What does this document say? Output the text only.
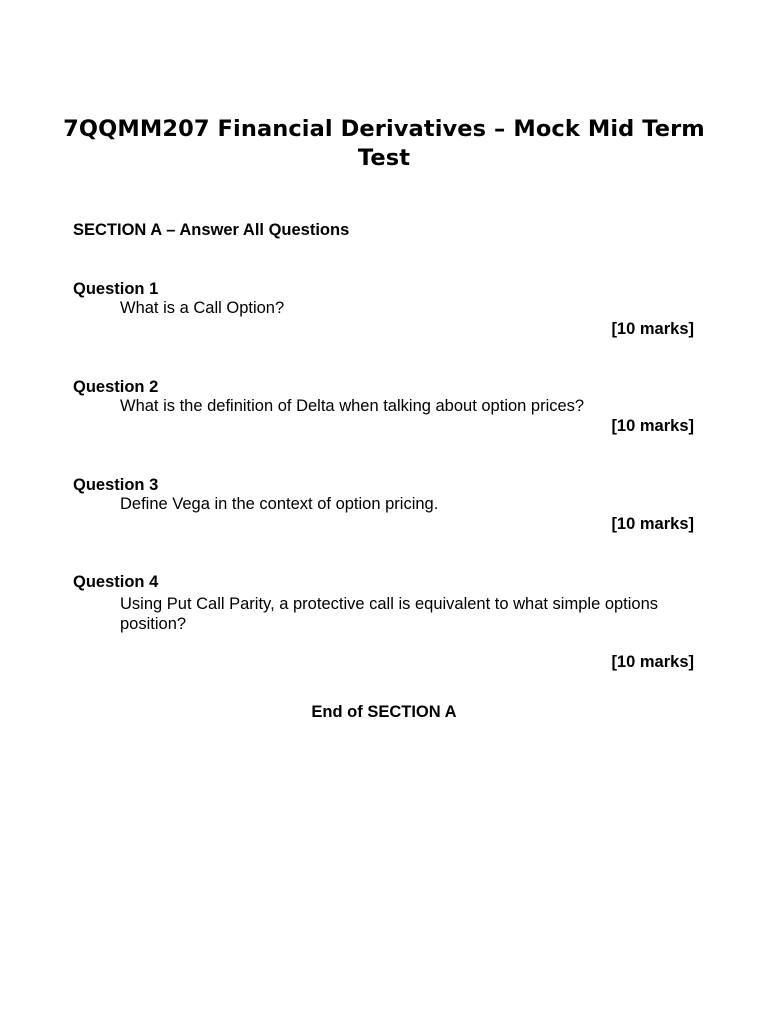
7QQMM207 Financial Derivatives – Mock Mid Term Test
SECTION A – Answer All Questions
Question 1
What is a Call Option?
[10 marks]
Question 2
What is the definition of Delta when talking about option prices?
[10 marks]
Question 3
Define Vega in the context of option pricing.
[10 marks]
Question 4
Using Put Call Parity, a protective call is equivalent to what simple options position?
[10 marks]
End of SECTION A
